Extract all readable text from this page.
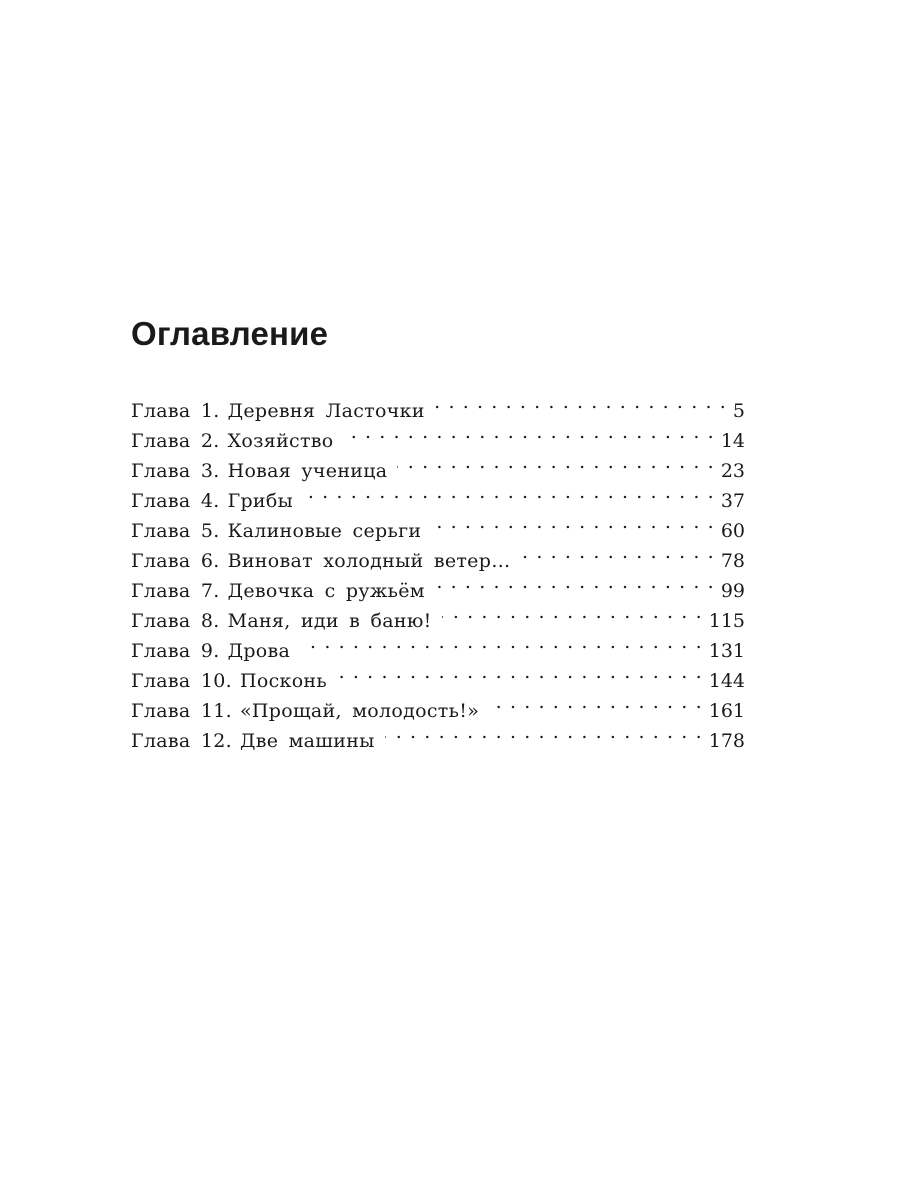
Оглавление
Глава 1. Деревня Ласточки . . .	5
Глава 2. Хозяйство . . .	14
Глава 3. Новая ученица . . .	23
Глава 4. Грибы . . .	37
Глава 5. Калиновые серьги . . .	60
Глава 6. Виноват холодный ветер… . . .	78
Глава 7. Девочка с ружьём . . .	99
Глава 8. Маня, иди в баню! . . .	115
Глава 9. Дрова . . .	131
Глава 10. Посконь . . .	144
Глава 11. «Прощай, молодость!» . . .	161
Глава 12. Две машины . . .	178
